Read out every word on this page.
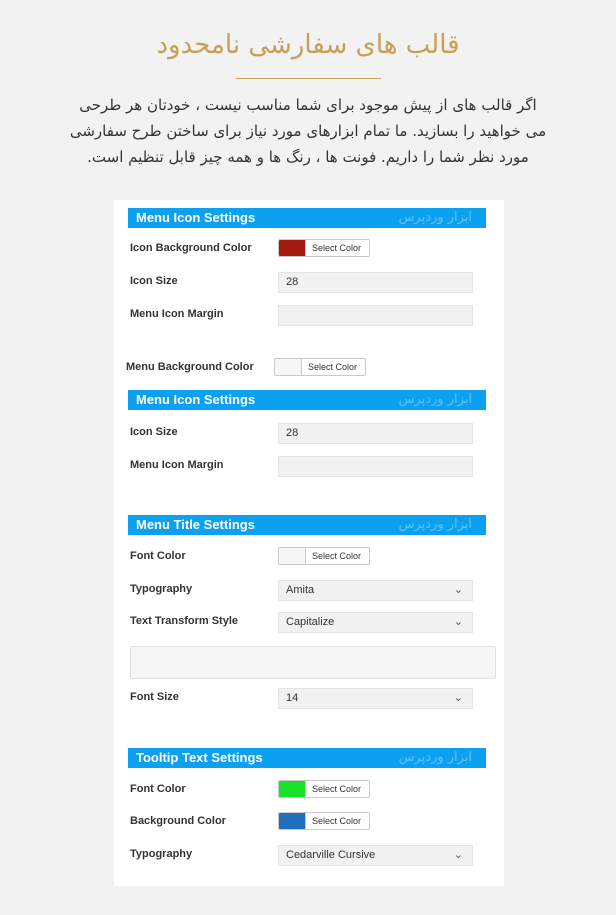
قالب های سفارشی نامحدود
اگر قالب های از پیش موجود برای شما مناسب نیست ، خودتان هر طرحی
می خواهید را بسازید. ما تمام ابزارهای مورد نیاز برای ساختن طرح سفارشی
مورد نظر شما را داریم. فونت ها ، رنگ ها و همه چیز قابل تنظیم است.
Menu Icon Settings	ابزار وردپرس
Icon Background Color	Select Color
Icon Size	28
Menu Icon Margin
Menu Background Color	Select Color
Menu Icon Settings	ابزار وردپرس
Icon Size	28
Menu Icon Margin
Menu Title Settings	ابزار وردپرس
Font Color	Select Color
Typography	Amita	⌄
Text Transform Style	Capitalize	⌄
Font Size	14	⌄
Tooltip Text Settings	ابزار وردپرس
Font Color	Select Color
Background Color	Select Color
Typography	Cedarville Cursive	⌄
